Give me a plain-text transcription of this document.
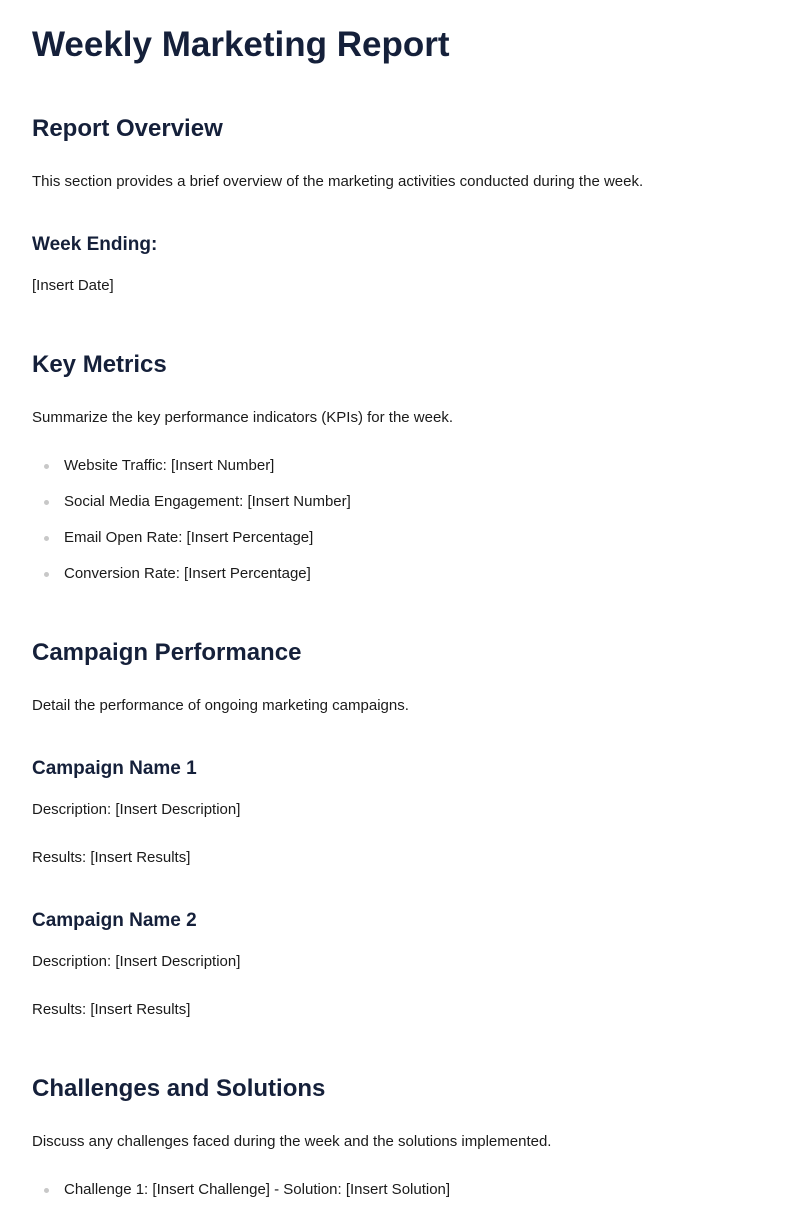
Weekly Marketing Report
Report Overview

This section provides a brief overview of the marketing activities conducted during the week.

Week Ending:

[Insert Date]

Key Metrics

Summarize the key performance indicators (KPIs) for the week.

Website Traffic: [Insert Number]
Social Media Engagement: [Insert Number]
Email Open Rate: [Insert Percentage]
Conversion Rate: [Insert Percentage]
Campaign Performance

Detail the performance of ongoing marketing campaigns.

Campaign Name 1

Description: [Insert Description]

Results: [Insert Results]

Campaign Name 2

Description: [Insert Description]

Results: [Insert Results]

Challenges and Solutions

Discuss any challenges faced during the week and the solutions implemented.

Challenge 1: [Insert Challenge] - Solution: [Insert Solution]
